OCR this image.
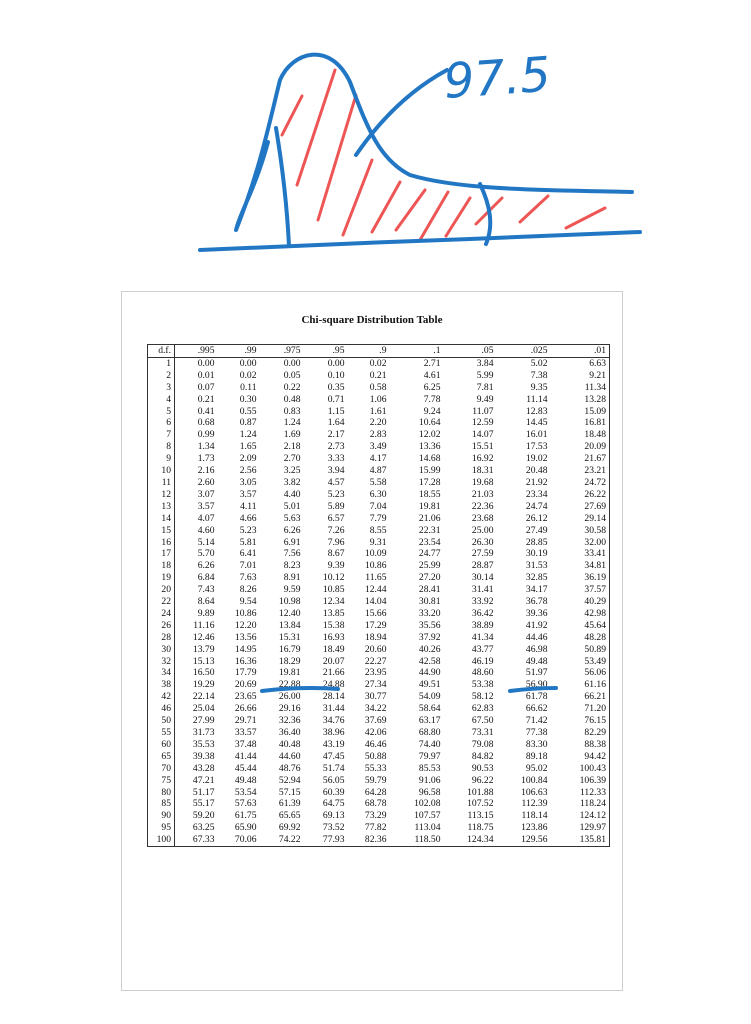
97.5
Chi-square Distribution Table
d.f.	.995	.99	.975	.95	.9	.1	.05	.025	.01
1	0.00	0.00	0.00	0.00	0.02	2.71	3.84	5.02	6.63
2	0.01	0.02	0.05	0.10	0.21	4.61	5.99	7.38	9.21
3	0.07	0.11	0.22	0.35	0.58	6.25	7.81	9.35	11.34
4	0.21	0.30	0.48	0.71	1.06	7.78	9.49	11.14	13.28
5	0.41	0.55	0.83	1.15	1.61	9.24	11.07	12.83	15.09
6	0.68	0.87	1.24	1.64	2.20	10.64	12.59	14.45	16.81
7	0.99	1.24	1.69	2.17	2.83	12.02	14.07	16.01	18.48
8	1.34	1.65	2.18	2.73	3.49	13.36	15.51	17.53	20.09
9	1.73	2.09	2.70	3.33	4.17	14.68	16.92	19.02	21.67
10	2.16	2.56	3.25	3.94	4.87	15.99	18.31	20.48	23.21
11	2.60	3.05	3.82	4.57	5.58	17.28	19.68	21.92	24.72
12	3.07	3.57	4.40	5.23	6.30	18.55	21.03	23.34	26.22
13	3.57	4.11	5.01	5.89	7.04	19.81	22.36	24.74	27.69
14	4.07	4.66	5.63	6.57	7.79	21.06	23.68	26.12	29.14
15	4.60	5.23	6.26	7.26	8.55	22.31	25.00	27.49	30.58
16	5.14	5.81	6.91	7.96	9.31	23.54	26.30	28.85	32.00
17	5.70	6.41	7.56	8.67	10.09	24.77	27.59	30.19	33.41
18	6.26	7.01	8.23	9.39	10.86	25.99	28.87	31.53	34.81
19	6.84	7.63	8.91	10.12	11.65	27.20	30.14	32.85	36.19
20	7.43	8.26	9.59	10.85	12.44	28.41	31.41	34.17	37.57
22	8.64	9.54	10.98	12.34	14.04	30.81	33.92	36.78	40.29
24	9.89	10.86	12.40	13.85	15.66	33.20	36.42	39.36	42.98
26	11.16	12.20	13.84	15.38	17.29	35.56	38.89	41.92	45.64
28	12.46	13.56	15.31	16.93	18.94	37.92	41.34	44.46	48.28
30	13.79	14.95	16.79	18.49	20.60	40.26	43.77	46.98	50.89
32	15.13	16.36	18.29	20.07	22.27	42.58	46.19	49.48	53.49
34	16.50	17.79	19.81	21.66	23.95	44.90	48.60	51.97	56.06
38	19.29	20.69	22.88	24.88	27.34	49.51	53.38	56.90	61.16
42	22.14	23.65	26.00	28.14	30.77	54.09	58.12	61.78	66.21
46	25.04	26.66	29.16	31.44	34.22	58.64	62.83	66.62	71.20
50	27.99	29.71	32.36	34.76	37.69	63.17	67.50	71.42	76.15
55	31.73	33.57	36.40	38.96	42.06	68.80	73.31	77.38	82.29
60	35.53	37.48	40.48	43.19	46.46	74.40	79.08	83.30	88.38
65	39.38	41.44	44.60	47.45	50.88	79.97	84.82	89.18	94.42
70	43.28	45.44	48.76	51.74	55.33	85.53	90.53	95.02	100.43
75	47.21	49.48	52.94	56.05	59.79	91.06	96.22	100.84	106.39
80	51.17	53.54	57.15	60.39	64.28	96.58	101.88	106.63	112.33
85	55.17	57.63	61.39	64.75	68.78	102.08	107.52	112.39	118.24
90	59.20	61.75	65.65	69.13	73.29	107.57	113.15	118.14	124.12
95	63.25	65.90	69.92	73.52	77.82	113.04	118.75	123.86	129.97
100	67.33	70.06	74.22	77.93	82.36	118.50	124.34	129.56	135.81
